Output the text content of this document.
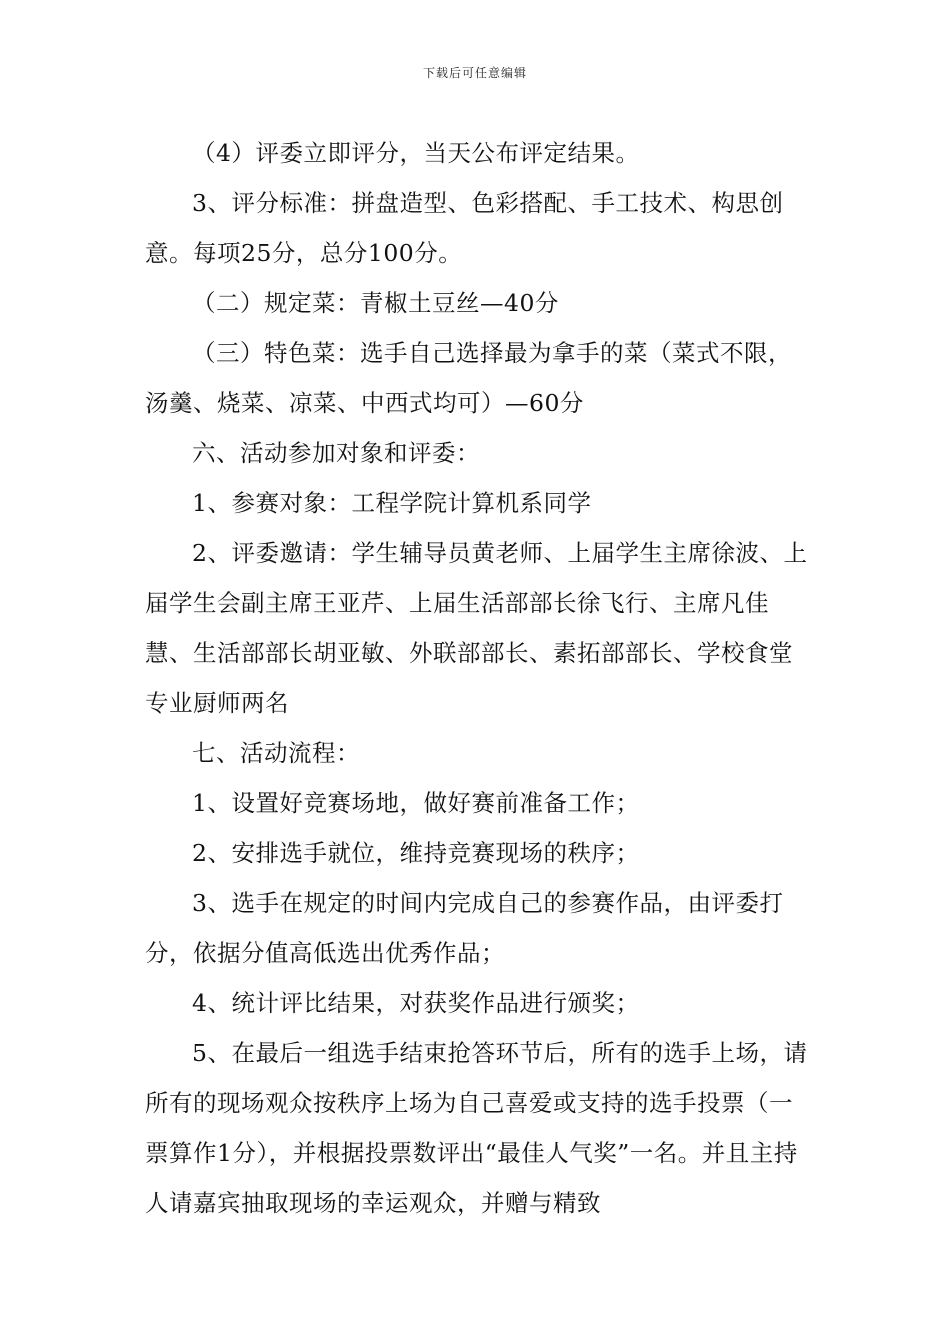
下载后可任意编辑

（4）评委立即评分，当天公布评定结果。

3、评分标准：拼盘造型、色彩搭配、手工技术、构思创意。每项25分，总分100分。

（二）规定菜：青椒土豆丝—40分

（三）特色菜：选手自己选择最为拿手的菜（菜式不限，汤羹、烧菜、凉菜、中西式均可）—60分

六、活动参加对象和评委：

1、参赛对象：工程学院计算机系同学

2、评委邀请：学生辅导员黄老师、上届学生主席徐波、上届学生会副主席王亚芹、上届生活部部长徐飞行、主席凡佳慧、生活部部长胡亚敏、外联部部长、素拓部部长、学校食堂专业厨师两名

七、活动流程：

1、设置好竞赛场地，做好赛前准备工作；

2、安排选手就位，维持竞赛现场的秩序；

3、选手在规定的时间内完成自己的参赛作品，由评委打分，依据分值高低选出优秀作品；

4、统计评比结果，对获奖作品进行颁奖；

5、在最后一组选手结束抢答环节后，所有的选手上场，请所有的现场观众按秩序上场为自己喜爱或支持的选手投票（一票算作1分），并根据投票数评出“最佳人气奖”一名。并且主持人请嘉宾抽取现场的幸运观众，并赠与精致
